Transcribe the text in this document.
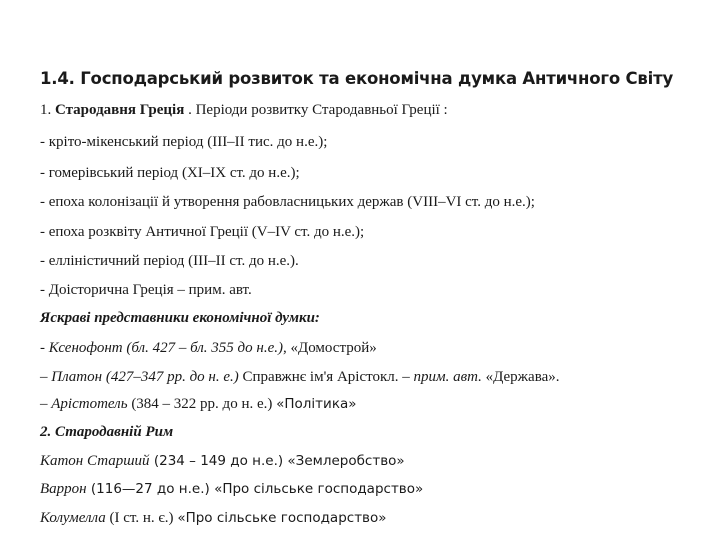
1.4. Господарський розвиток та економічна думка Античного Світу
1. Стародавня Греція . Періоди розвитку Стародавньої Греції :
- кріто-мікенський період (III–II тис. до н.е.);
- гомерівський період (XI–IX ст. до н.е.);
- епоха колонізації й утворення рабовласницьких держав (VIII–VI ст. до н.е.);
- епоха розквіту Античної Греції (V–IV ст. до н.е.);
- елліністичний період (III–II ст. до н.е.).
- Доісторична Греція – прим. авт.
Яскраві представники економічної думки:
- Ксенофонт (бл. 427 – бл. 355 до н.е.), «Домострой»
– Платон (427–347 рр. до н. е.) Справжнє ім'я Арістокл. – прим. авт. «Держава».
– Арістотель (384 – 322 рр. до н. е.) «Політика»
2. Стародавній Рим
Катон Старший (234 – 149 до н.е.) «Землеробство»
Варрон (116—27 до н.е.) «Про сільське господарство»
Колумелла (I ст. н. є.) «Про сільське господарство»
